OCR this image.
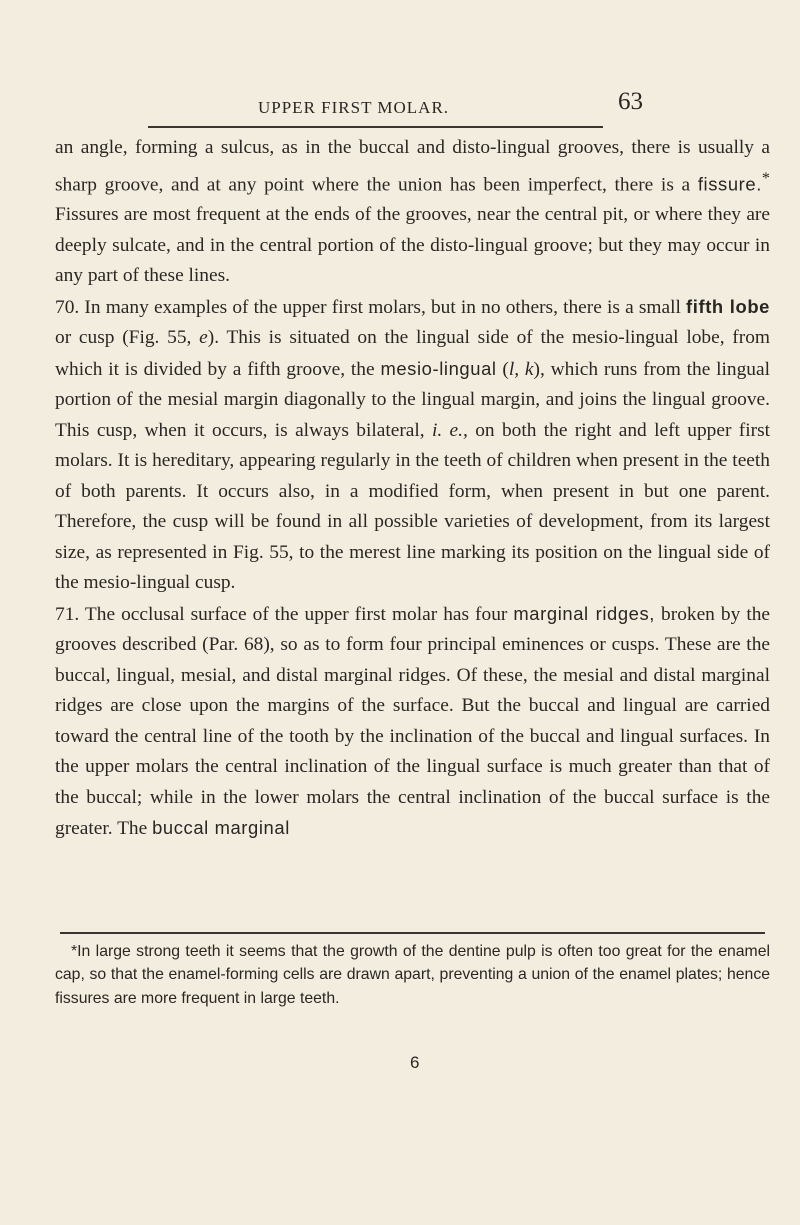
UPPER FIRST MOLAR.	63

an angle, forming a sulcus, as in the buccal and disto-lingual grooves, there is usually a sharp groove, and at any point where the union has been imperfect, there is a fissure.* Fissures are most frequent at the ends of the grooves, near the central pit, or where they are deeply sulcate, and in the central portion of the disto-lingual groove; but they may occur in any part of these lines.

70. In many examples of the upper first molars, but in no others, there is a small fifth lobe or cusp (Fig. 55, e). This is situated on the lingual side of the mesio-lingual lobe, from which it is divided by a fifth groove, the mesio-lingual (l, k), which runs from the lingual portion of the mesial margin diagonally to the lingual margin, and joins the lingual groove. This cusp, when it occurs, is always bilateral, i. e., on both the right and left upper first molars. It is hereditary, appearing regularly in the teeth of children when present in the teeth of both parents. It occurs also, in a modified form, when present in but one parent. Therefore, the cusp will be found in all possible varieties of development, from its largest size, as represented in Fig. 55, to the merest line marking its position on the lingual side of the mesio-lingual cusp.

71. The occlusal surface of the upper first molar has four marginal ridges, broken by the grooves described (Par. 68), so as to form four principal eminences or cusps. These are the buccal, lingual, mesial, and distal marginal ridges. Of these, the mesial and distal marginal ridges are close upon the margins of the surface. But the buccal and lingual are carried toward the central line of the tooth by the inclination of the buccal and lingual surfaces. In the upper molars the central inclination of the lingual surface is much greater than that of the buccal; while in the lower molars the central inclination of the buccal surface is the greater. The buccal marginal

*In large strong teeth it seems that the growth of the dentine pulp is often too great for the enamel cap, so that the enamel-forming cells are drawn apart, preventing a union of the enamel plates; hence fissures are more frequent in large teeth.

6
